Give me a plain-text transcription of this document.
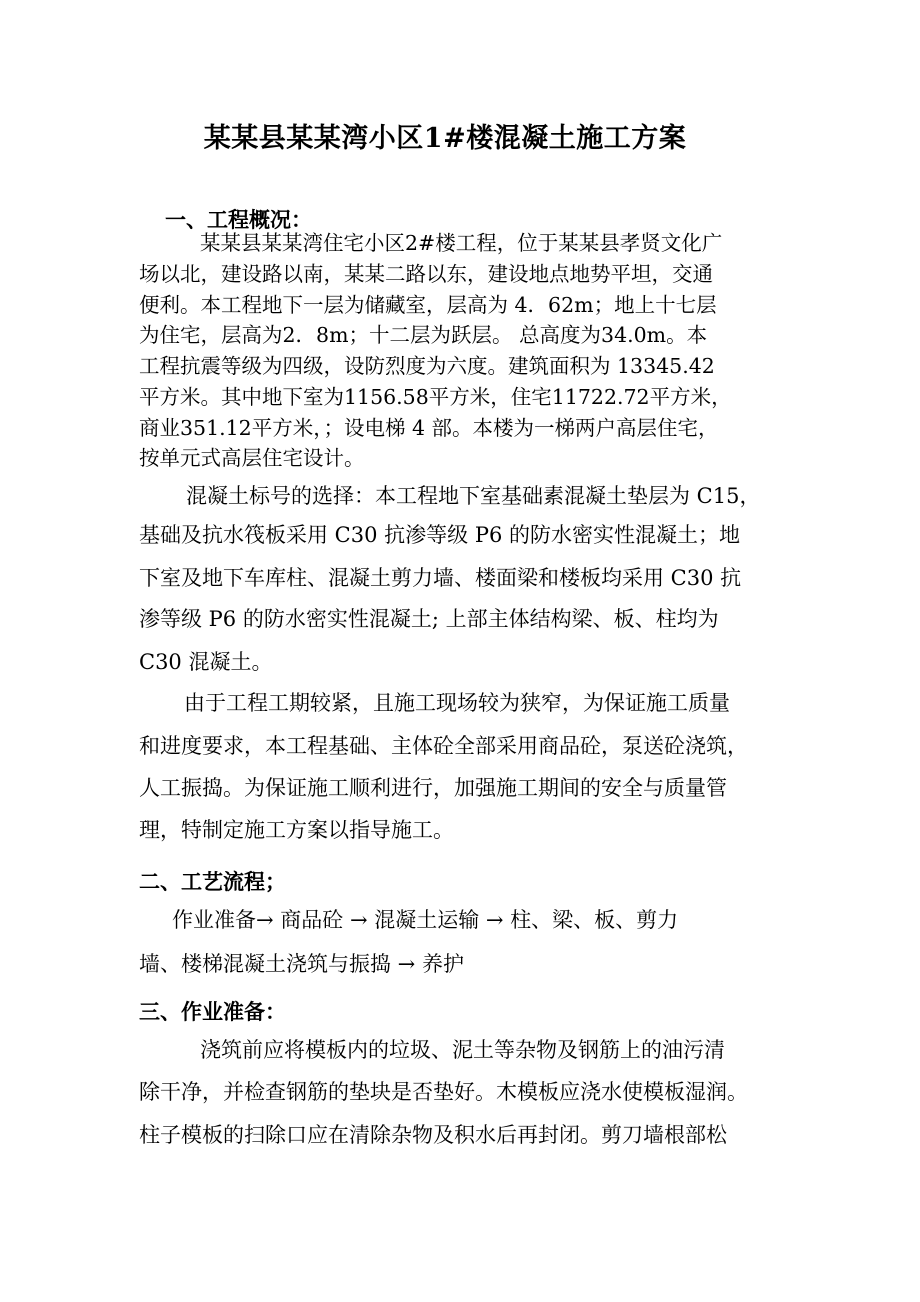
某某县某某湾小区1#楼混凝土施工方案
一、工程概况：
某某县某某湾住宅小区2#楼工程，位于某某县孝贤文化广
场以北，建设路以南，某某二路以东，建设地点地势平坦，交通
便利。本工程地下一层为储藏室，层高为 4．62m；地上十七层
为住宅，层高为2．8m；十二层为跃层。 总高度为34.0m。本
工程抗震等级为四级，设防烈度为六度。建筑面积为 13345.42
平方米。其中地下室为1156.58平方米，住宅11722.72平方米，
商业351.12平方米，；设电梯 4 部。本楼为一梯两户高层住宅，
按单元式高层住宅设计。
混凝土标号的选择：本工程地下室基础素混凝土垫层为 C15，
基础及抗水筏板采用 C30 抗渗等级 P6 的防水密实性混凝土；地
下室及地下车库柱、混凝土剪力墙、楼面梁和楼板均采用 C30 抗
渗等级 P6 的防水密实性混凝土; 上部主体结构梁、板、柱均为
C30 混凝土。
由于工程工期较紧，且施工现场较为狭窄，为保证施工质量
和进度要求，本工程基础、主体砼全部采用商品砼，泵送砼浇筑，
人工振捣。为保证施工顺利进行，加强施工期间的安全与质量管
理，特制定施工方案以指导施工。
二、工艺流程；
作业准备→ 商品砼 → 混凝土运输 → 柱、梁、板、剪力
墙、楼梯混凝土浇筑与振捣 → 养护
三、作业准备：
浇筑前应将模板内的垃圾、泥土等杂物及钢筋上的油污清
除干净，并检查钢筋的垫块是否垫好。木模板应浇水使模板湿润。
柱子模板的扫除口应在清除杂物及积水后再封闭。剪刀墙根部松
